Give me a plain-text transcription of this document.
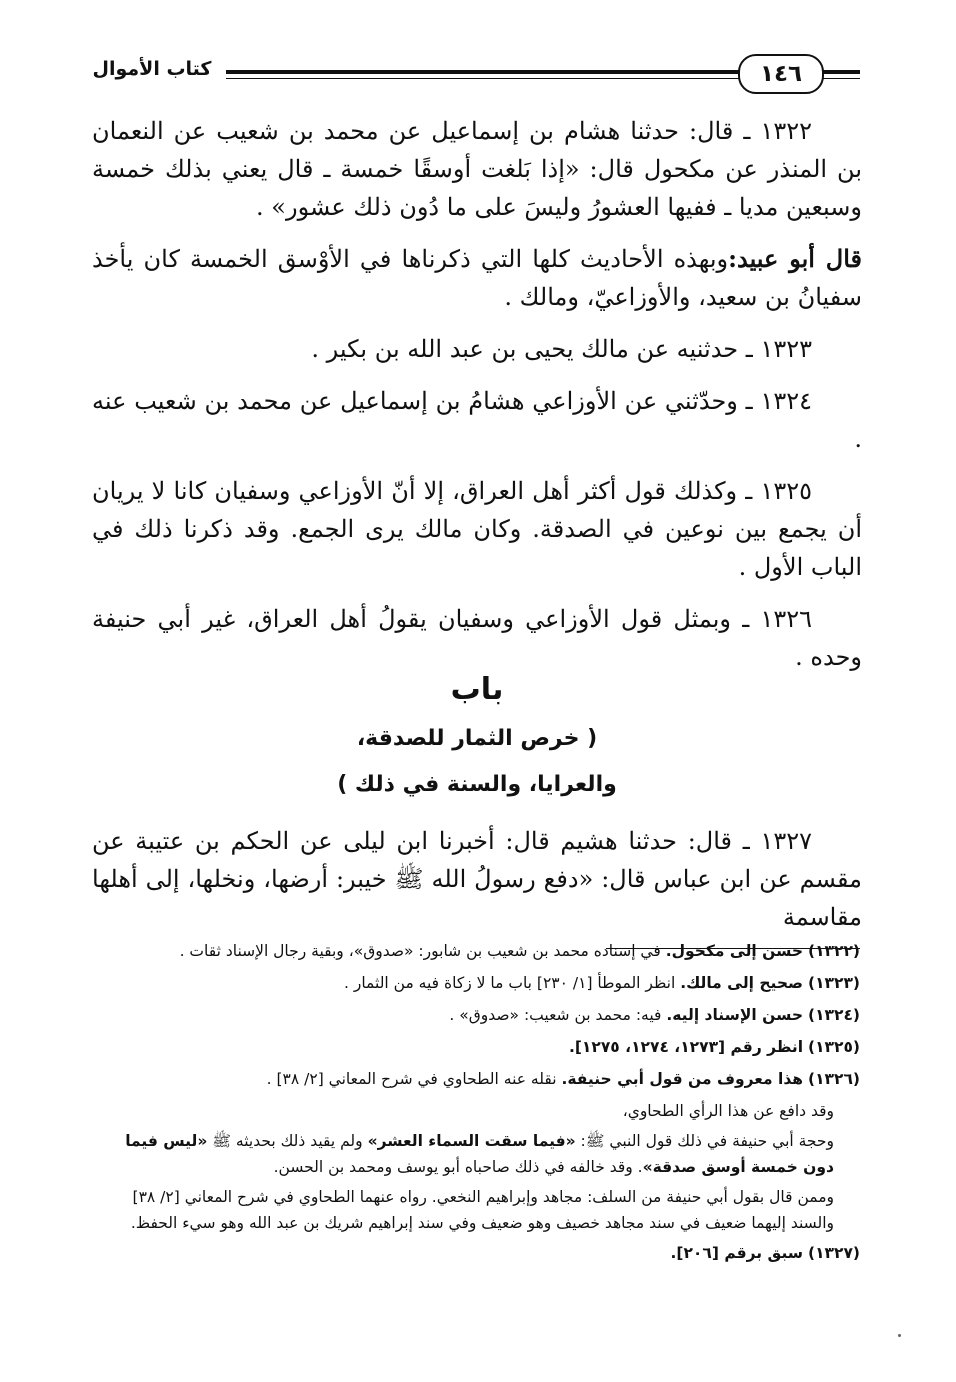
كتاب الأموال	١٤٦

١٣٢٢ ـ قال: حدثنا هشام بن إسماعيل عن محمد بن شعيب عن النعمان بن المنذر عن مكحول قال: «إذا بَلغت أوسقًا خمسة ـ قال يعني بذلك خمسة وسبعين مديا ـ ففيها العشورُ وليسَ على ما دُون ذلك عشور» .

قال أبو عبيد:وبهذه الأحاديث كلها التي ذكرناها في الأوْسق الخمسة كان يأخذ سفيانُ بن سعيد، والأوزاعيّ، ومالك .

١٣٢٣ ـ حدثنيه عن مالك يحيى بن عبد الله بن بكير .

١٣٢٤ ـ وحدّثني عن الأوزاعي هشامُ بن إسماعيل عن محمد بن شعيب عنه .

١٣٢٥ ـ وكذلك قول أكثر أهل العراق، إلا أنّ الأوزاعي وسفيان كانا لا يريان أن يجمع بين نوعين في الصدقة. وكان مالك يرى الجمع. وقد ذكرنا ذلك في الباب الأول .

١٣٢٦ ـ وبمثل قول الأوزاعي وسفيان يقولُ أهل العراق، غير أبي حنيفة وحده .

باب
( خرص الثمار للصدقة،
والعرايا، والسنة في ذلك )

١٣٢٧ ـ قال: حدثنا هشيم قال: أخبرنا ابن ليلى عن الحكم بن عتيبة عن مقسم عن ابن عباس قال: «دفع رسولُ الله ﷺ خيبر: أرضها، ونخلها، إلى أهلها مقاسمة

(١٣٢٢) حسن إلى مكحول. في إسناده محمد بن شعيب بن شابور: «صدوق»، وبقية رجال الإسناد ثقات .
(١٣٢٣) صحيح إلى مالك. انظر الموطأ [١/ ٢٣٠] باب ما لا زكاة فيه من الثمار .
(١٣٢٤) حسن الإسناد إليه. فيه: محمد بن شعيب: «صدوق» .
(١٣٢٥) انظر رقم [١٢٧٣، ١٢٧٤، ١٢٧٥].
(١٣٢٦) هذا معروف من قول أبي حنيفة. نقله عنه الطحاوي في شرح المعاني [٢/ ٣٨] .
وقد دافع عن هذا الرأي الطحاوي،
وحجة أبي حنيفة في ذلك قول النبي ﷺ: «فيما سقت السماء العشر» ولم يقيد ذلك بحديثه ﷺ «ليس فيما دون خمسة أوسق صدقة». وقد خالفه في ذلك صاحباه أبو يوسف ومحمد بن الحسن.
وممن قال بقول أبي حنيفة من السلف: مجاهد وإبراهيم النخعي. رواه عنهما الطحاوي في شرح المعاني [٢/ ٣٨] والسند إليهما ضعيف في سند مجاهد خصيف وهو ضعيف وفي سند إبراهيم شريك بن عبد الله وهو سيء الحفظ.
(١٣٢٧) سبق برقم [٢٠٦].
